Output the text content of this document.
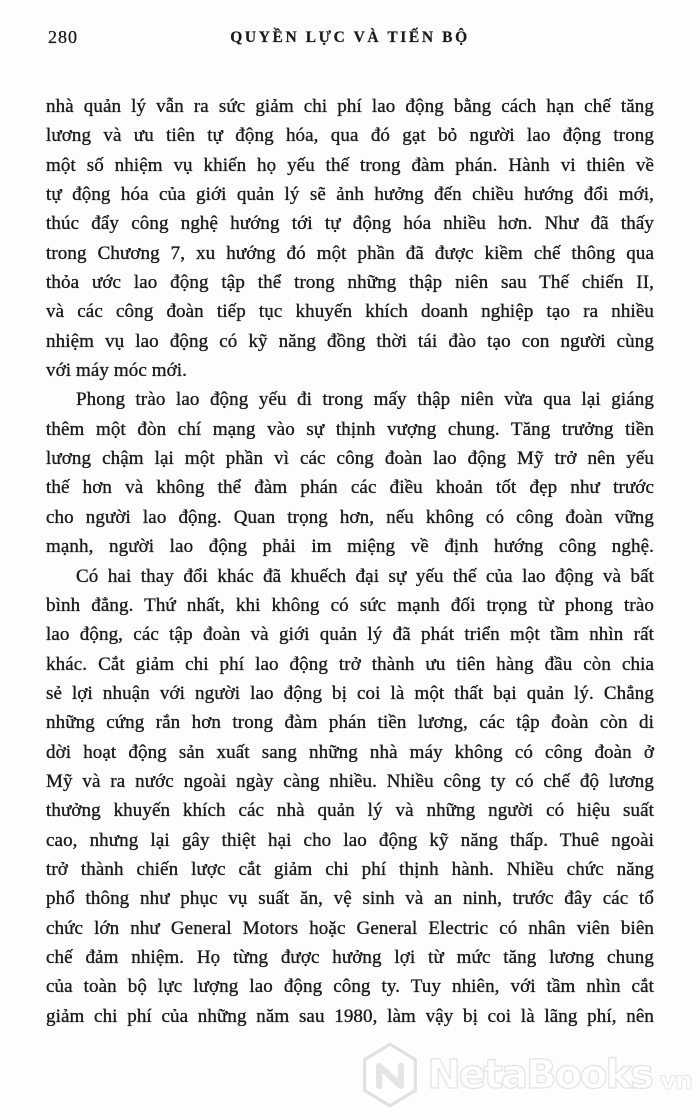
280	QUYỀN LỰC VÀ TIẾN BỘ
nhà quản lý vẫn ra sức giảm chi phí lao động bằng cách hạn chế tăng
lương và ưu tiên tự động hóa, qua đó gạt bỏ người lao động trong
một số nhiệm vụ khiến họ yếu thế trong đàm phán. Hành vi thiên về
tự động hóa của giới quản lý sẽ ảnh hưởng đến chiều hướng đổi mới,
thúc đẩy công nghệ hướng tới tự động hóa nhiều hơn. Như đã thấy
trong Chương 7, xu hướng đó một phần đã được kiềm chế thông qua
thỏa ước lao động tập thể trong những thập niên sau Thế chiến II,
và các công đoàn tiếp tục khuyến khích doanh nghiệp tạo ra nhiều
nhiệm vụ lao động có kỹ năng đồng thời tái đào tạo con người cùng
với máy móc mới.
Phong trào lao động yếu đi trong mấy thập niên vừa qua lại giáng
thêm một đòn chí mạng vào sự thịnh vượng chung. Tăng trưởng tiền
lương chậm lại một phần vì các công đoàn lao động Mỹ trở nên yếu
thế hơn và không thể đàm phán các điều khoản tốt đẹp như trước
cho người lao động. Quan trọng hơn, nếu không có công đoàn vững
mạnh, người lao động phải im miệng về định hướng công nghệ.
Có hai thay đổi khác đã khuếch đại sự yếu thế của lao động và bất
bình đẳng. Thứ nhất, khi không có sức mạnh đối trọng từ phong trào
lao động, các tập đoàn và giới quản lý đã phát triển một tầm nhìn rất
khác. Cắt giảm chi phí lao động trở thành ưu tiên hàng đầu còn chia
sẻ lợi nhuận với người lao động bị coi là một thất bại quản lý. Chẳng
những cứng rắn hơn trong đàm phán tiền lương, các tập đoàn còn di
dời hoạt động sản xuất sang những nhà máy không có công đoàn ở
Mỹ và ra nước ngoài ngày càng nhiều. Nhiều công ty có chế độ lương
thưởng khuyến khích các nhà quản lý và những người có hiệu suất
cao, nhưng lại gây thiệt hại cho lao động kỹ năng thấp. Thuê ngoài
trở thành chiến lược cắt giảm chi phí thịnh hành. Nhiều chức năng
phổ thông như phục vụ suất ăn, vệ sinh và an ninh, trước đây các tổ
chức lớn như General Motors hoặc General Electric có nhân viên biên
chế đảm nhiệm. Họ từng được hưởng lợi từ mức tăng lương chung
của toàn bộ lực lượng lao động công ty. Tuy nhiên, với tầm nhìn cắt
giảm chi phí của những năm sau 1980, làm vậy bị coi là lãng phí, nên
NetaBooks vn
